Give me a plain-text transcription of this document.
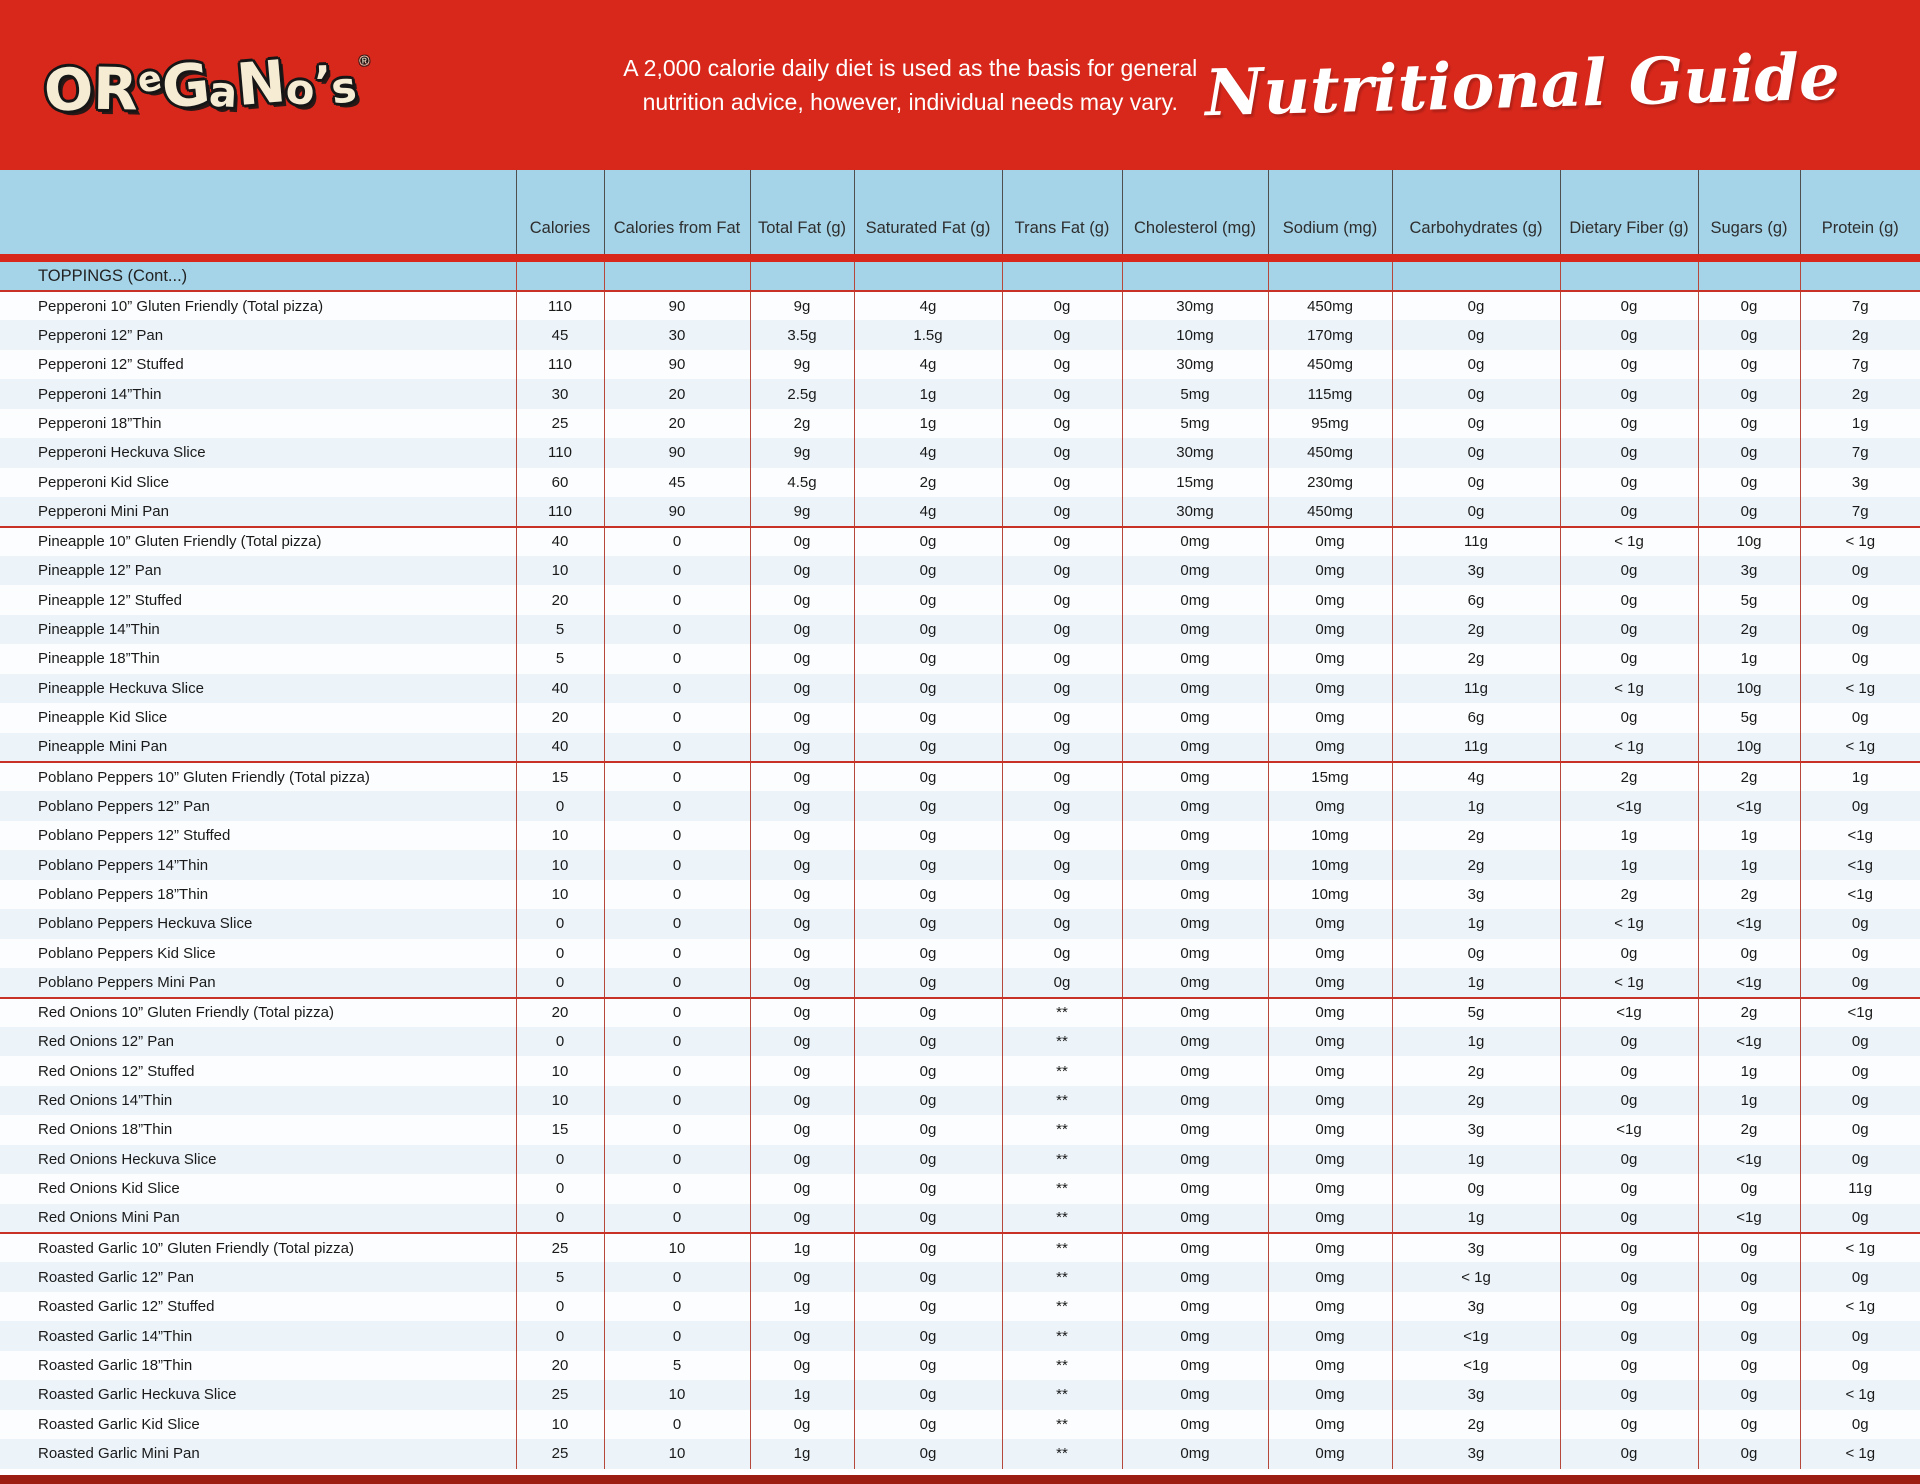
OReGaNo’s
®	A 2,000 calorie daily diet is used as the basis for general nutrition advice, however, individual needs may vary. Nutritional Guide
	Calories	Calories from Fat	Total Fat (g)	Saturated Fat (g)	Trans Fat (g)	Cholesterol (mg)	Sodium (mg)	Carbohydrates (g)	Dietary Fiber (g)	Sugars (g)	Protein (g)
TOPPINGS (Cont...)											
Pepperoni 10” Gluten Friendly (Total pizza)	110	90	9g	4g	0g	30mg	450mg	0g	0g	0g	7g
Pepperoni 12” Pan	45	30	3.5g	1.5g	0g	10mg	170mg	0g	0g	0g	2g
Pepperoni 12” Stuffed	110	90	9g	4g	0g	30mg	450mg	0g	0g	0g	7g
Pepperoni 14”Thin	30	20	2.5g	1g	0g	5mg	115mg	0g	0g	0g	2g
Pepperoni 18”Thin	25	20	2g	1g	0g	5mg	95mg	0g	0g	0g	1g
Pepperoni Heckuva Slice	110	90	9g	4g	0g	30mg	450mg	0g	0g	0g	7g
Pepperoni Kid Slice	60	45	4.5g	2g	0g	15mg	230mg	0g	0g	0g	3g
Pepperoni Mini Pan	110	90	9g	4g	0g	30mg	450mg	0g	0g	0g	7g
Pineapple 10” Gluten Friendly (Total pizza)	40	0	0g	0g	0g	0mg	0mg	11g	< 1g	10g	< 1g
Pineapple 12” Pan	10	0	0g	0g	0g	0mg	0mg	3g	0g	3g	0g
Pineapple 12” Stuffed	20	0	0g	0g	0g	0mg	0mg	6g	0g	5g	0g
Pineapple 14”Thin	5	0	0g	0g	0g	0mg	0mg	2g	0g	2g	0g
Pineapple 18”Thin	5	0	0g	0g	0g	0mg	0mg	2g	0g	1g	0g
Pineapple Heckuva Slice	40	0	0g	0g	0g	0mg	0mg	11g	< 1g	10g	< 1g
Pineapple Kid Slice	20	0	0g	0g	0g	0mg	0mg	6g	0g	5g	0g
Pineapple Mini Pan	40	0	0g	0g	0g	0mg	0mg	11g	< 1g	10g	< 1g
Poblano Peppers 10” Gluten Friendly (Total pizza)	15	0	0g	0g	0g	0mg	15mg	4g	2g	2g	1g
Poblano Peppers 12” Pan	0	0	0g	0g	0g	0mg	0mg	1g	<1g	<1g	0g
Poblano Peppers 12” Stuffed	10	0	0g	0g	0g	0mg	10mg	2g	1g	1g	<1g
Poblano Peppers 14”Thin	10	0	0g	0g	0g	0mg	10mg	2g	1g	1g	<1g
Poblano Peppers 18”Thin	10	0	0g	0g	0g	0mg	10mg	3g	2g	2g	<1g
Poblano Peppers Heckuva Slice	0	0	0g	0g	0g	0mg	0mg	1g	< 1g	<1g	0g
Poblano Peppers Kid Slice	0	0	0g	0g	0g	0mg	0mg	0g	0g	0g	0g
Poblano Peppers Mini Pan	0	0	0g	0g	0g	0mg	0mg	1g	< 1g	<1g	0g
Red Onions 10” Gluten Friendly (Total pizza)	20	0	0g	0g	**	0mg	0mg	5g	<1g	2g	<1g
Red Onions 12” Pan	0	0	0g	0g	**	0mg	0mg	1g	0g	<1g	0g
Red Onions 12” Stuffed	10	0	0g	0g	**	0mg	0mg	2g	0g	1g	0g
Red Onions 14”Thin	10	0	0g	0g	**	0mg	0mg	2g	0g	1g	0g
Red Onions 18”Thin	15	0	0g	0g	**	0mg	0mg	3g	<1g	2g	0g
Red Onions Heckuva Slice	0	0	0g	0g	**	0mg	0mg	1g	0g	<1g	0g
Red Onions Kid Slice	0	0	0g	0g	**	0mg	0mg	0g	0g	0g	11g
Red Onions Mini Pan	0	0	0g	0g	**	0mg	0mg	1g	0g	<1g	0g
Roasted Garlic 10” Gluten Friendly (Total pizza)	25	10	1g	0g	**	0mg	0mg	3g	0g	0g	< 1g
Roasted Garlic 12” Pan	5	0	0g	0g	**	0mg	0mg	< 1g	0g	0g	0g
Roasted Garlic 12” Stuffed	0	0	1g	0g	**	0mg	0mg	3g	0g	0g	< 1g
Roasted Garlic 14”Thin	0	0	0g	0g	**	0mg	0mg	<1g	0g	0g	0g
Roasted Garlic 18”Thin	20	5	0g	0g	**	0mg	0mg	<1g	0g	0g	0g
Roasted Garlic Heckuva Slice	25	10	1g	0g	**	0mg	0mg	3g	0g	0g	< 1g
Roasted Garlic Kid Slice	10	0	0g	0g	**	0mg	0mg	2g	0g	0g	0g
Roasted Garlic Mini Pan	25	10	1g	0g	**	0mg	0mg	3g	0g	0g	< 1g
